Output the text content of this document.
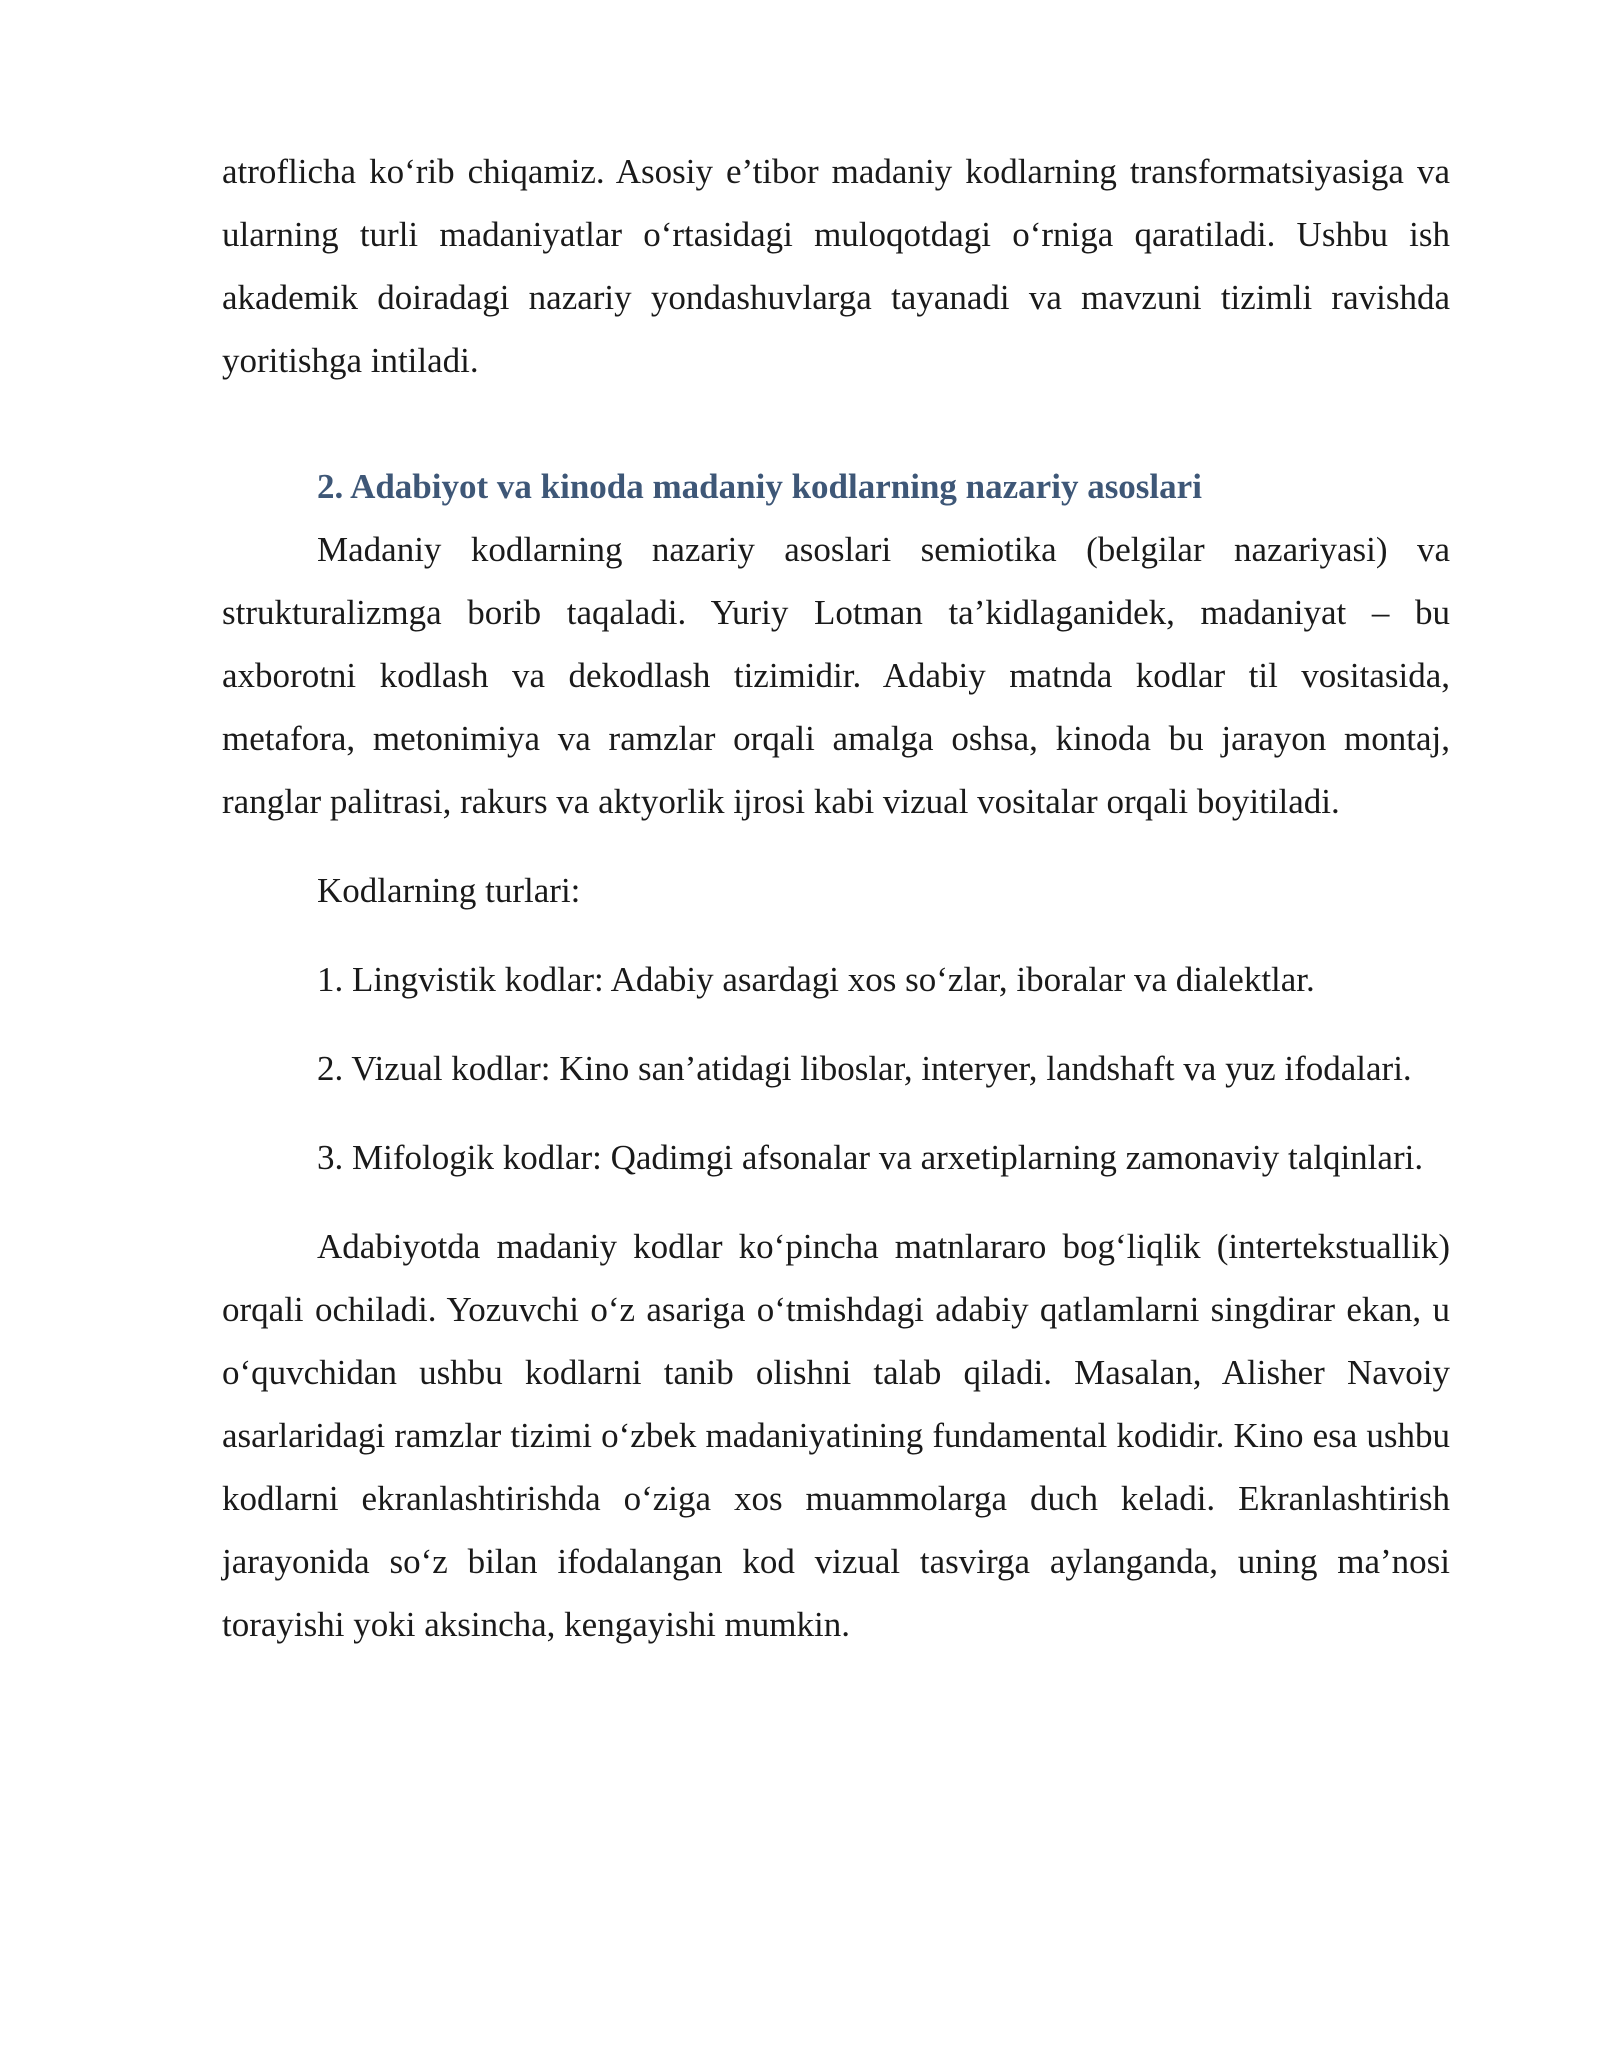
atroflicha ko‘rib chiqamiz. Asosiy e’tibor madaniy kodlarning transformatsiyasiga va ularning turli madaniyatlar o‘rtasidagi muloqotdagi o‘rniga qaratiladi. Ushbu ish akademik doiradagi nazariy yondashuvlarga tayanadi va mavzuni tizimli ravishda yoritishga intiladi.

2. Adabiyot va kinoda madaniy kodlarning nazariy asoslari

Madaniy kodlarning nazariy asoslari semiotika (belgilar nazariyasi) va strukturalizmga borib taqaladi. Yuriy Lotman ta’kidlaganidek, madaniyat – bu axborotni kodlash va dekodlash tizimidir. Adabiy matnda kodlar til vositasida, metafora, metonimiya va ramzlar orqali amalga oshsa, kinoda bu jarayon montaj, ranglar palitrasi, rakurs va aktyorlik ijrosi kabi vizual vositalar orqali boyitiladi.

Kodlarning turlari:

1. Lingvistik kodlar: Adabiy asardagi xos so‘zlar, iboralar va dialektlar.

2. Vizual kodlar: Kino san’atidagi liboslar, interyer, landshaft va yuz ifodalari.

3. Mifologik kodlar: Qadimgi afsonalar va arxetiplarning zamonaviy talqinlari.

Adabiyotda madaniy kodlar ko‘pincha matnlararo bog‘liqlik (intertekstuallik) orqali ochiladi. Yozuvchi o‘z asariga o‘tmishdagi adabiy qatlamlarni singdirar ekan, u o‘quvchidan ushbu kodlarni tanib olishni talab qiladi. Masalan, Alisher Navoiy asarlaridagi ramzlar tizimi o‘zbek madaniyatining fundamental kodidir. Kino esa ushbu kodlarni ekranlashtirishda o‘ziga xos muammolarga duch keladi. Ekranlashtirish jarayonida so‘z bilan ifodalangan kod vizual tasvirga aylanganda, uning ma’nosi torayishi yoki aksincha, kengayishi mumkin.
